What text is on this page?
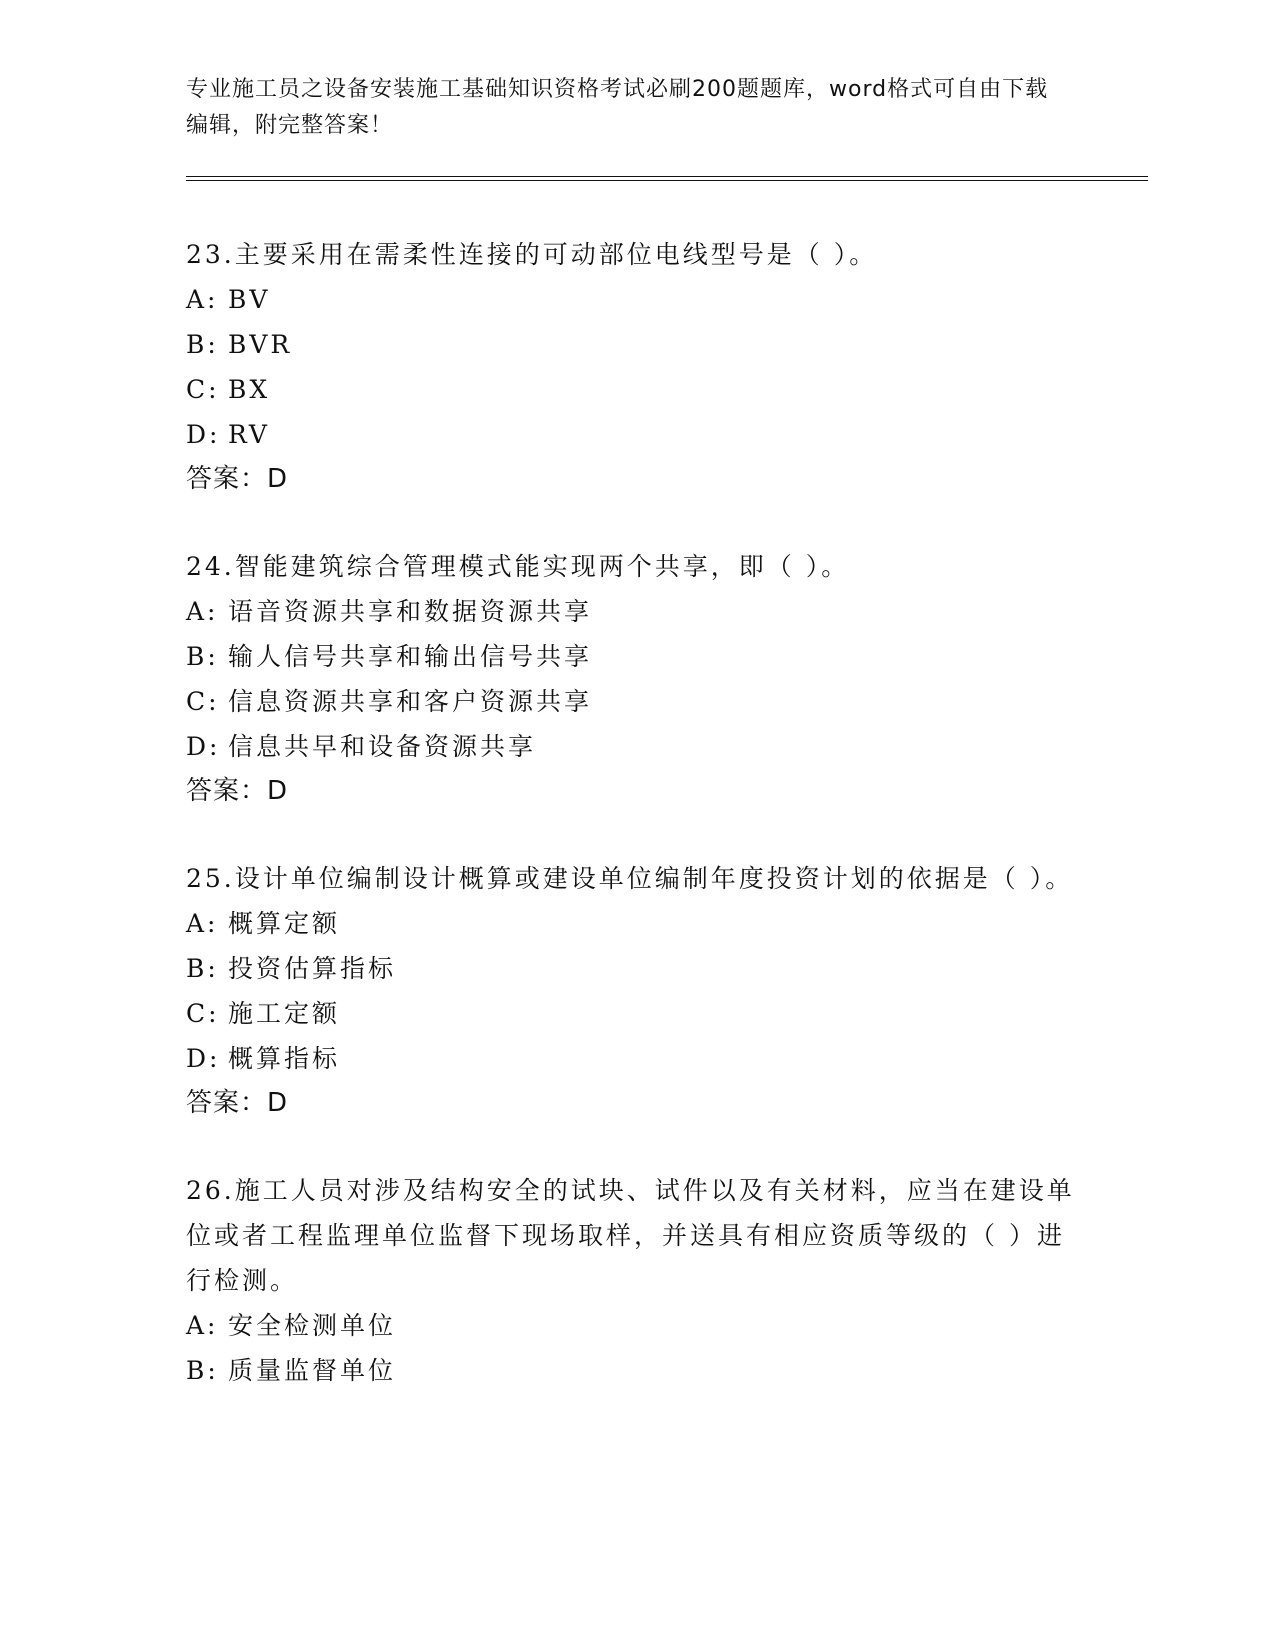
专业施工员之设备安装施工基础知识资格考试必刷200题题库，word格式可自由下载编辑，附完整答案！
23.主要采用在需柔性连接的可动部位电线型号是（ ）。
A: BV
B: BVR
C: BX
D: RV
答案：D
24.智能建筑综合管理模式能实现两个共享，即（ ）。
A: 语音资源共享和数据资源共享
B: 输人信号共享和输出信号共享
C: 信息资源共享和客户资源共享
D: 信息共早和设备资源共享
答案：D
25.设计单位编制设计概算或建设单位编制年度投资计划的依据是（ ）。
A: 概算定额
B: 投资估算指标
C: 施工定额
D: 概算指标
答案：D
26.施工人员对涉及结构安全的试块、试件以及有关材料，应当在建设单位或者工程监理单位监督下现场取样，并送具有相应资质等级的（ ）进行检测。
A: 安全检测单位
B: 质量监督单位
